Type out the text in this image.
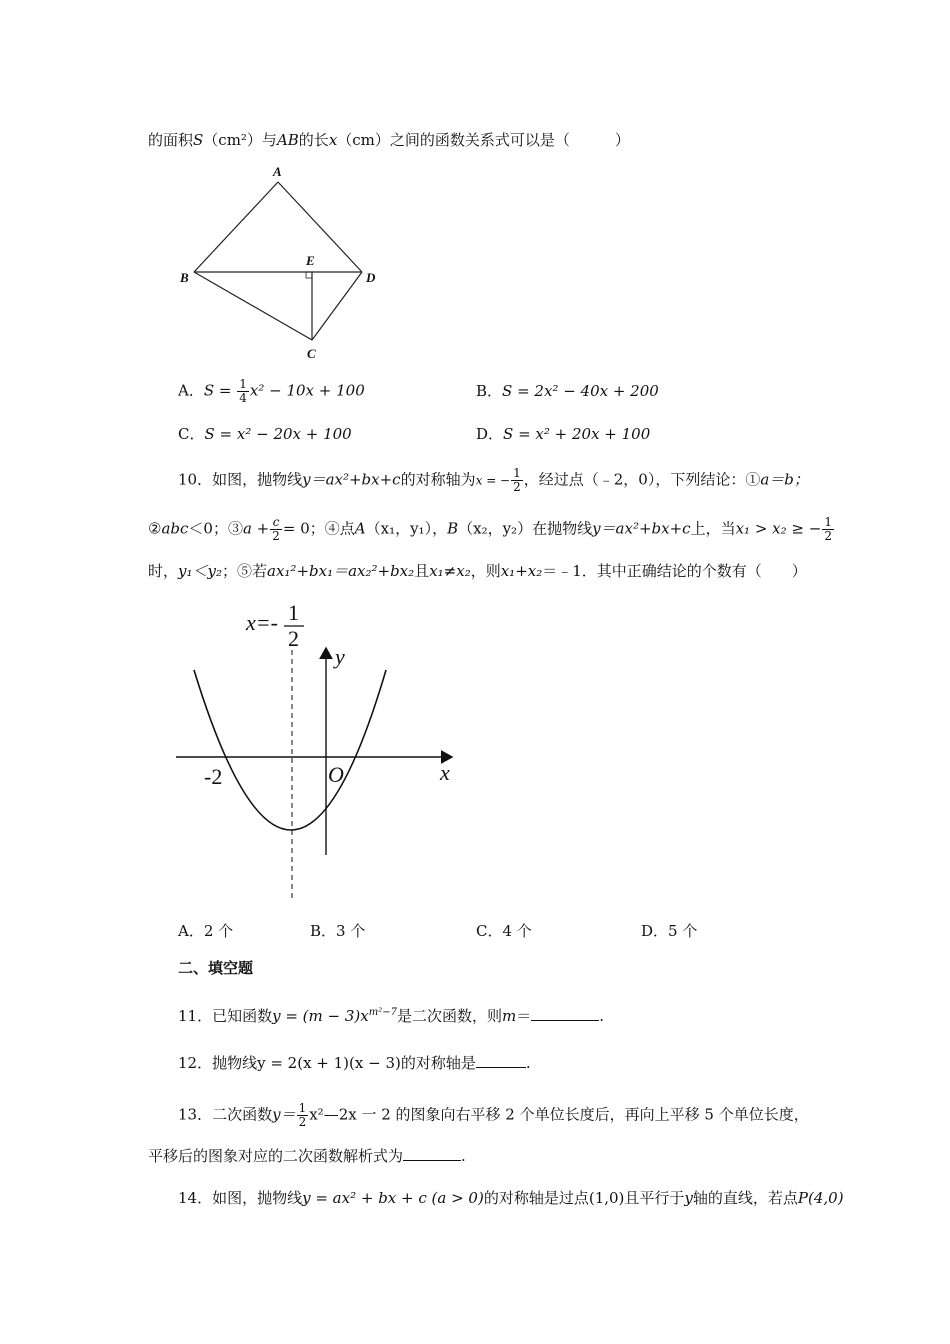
的面积S（cm²）与AB的长x（cm）之间的函数关系式可以是（　　　）
A
B	D
E
C
A．$S = \frac{1}{4} x^2 - 10x + 100$	B．S = 2x² − 40x + 200
C．S = x² − 20x + 100	D．S = x² + 20x + 100
10．如图，抛物线y＝ax²+bx+c的对称轴为x = − $\frac{1}{2}$ ，经过点（﹣2，0），下列结论：①a＝b；
②abc＜0；③a + $\frac{c}{2} = 0$；④点A（x₁，y₁），B（x₂，y₂）在抛物线y＝ax²+bx+c上，当x₁ > x₂ ≥ − $\frac{1}{2}$
时，y₁＜y₂；⑤若ax₁²+bx₁＝ax₂²+bx₂且x₁≠x₂，则x₁+x₂＝﹣1．其中正确结论的个数有（　　）
x=- 1
2
y
x
O
-2
A．2 个	B．3 个	C．4 个	D．5 个
二、填空题
11．已知函数$y = (m - 3)x^{m^2-7}$是二次函数，则m＝	.
12．抛物线y = 2(x + 1)(x − 3)的对称轴是	.
13．二次函数$y= \frac{1}{2}$ x²—2x 一 2 的图象向右平移 2 个单位长度后，再向上平移 5 个单位长度，
平移后的图象对应的二次函数解析式为	.
14．如图，抛物线y = ax² + bx + c (a > 0)的对称轴是过点(1,0)且平行于y轴的直线，若点P(4,0)
